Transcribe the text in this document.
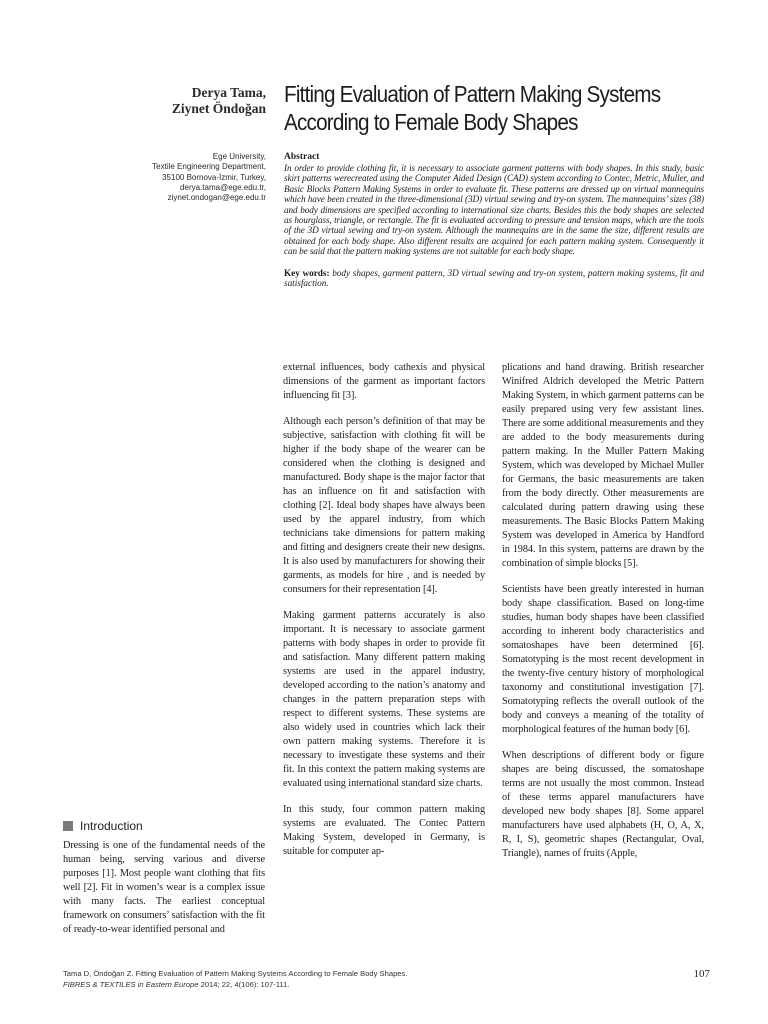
Derya Tama,
Ziynet Öndoğan
Fitting Evaluation of Pattern Making Systems
According to Female Body Shapes
Ege University,
Textile Engineering Department,
35100 Bornova-İzmir, Turkey,
derya.tama@ege.edu.tr,
ziynet.ondogan@ege.edu.tr
Abstract
In order to provide clothing fit, it is necessary to associate garment patterns with body shapes. In this study, basic skirt patterns werecreated using the Computer Aided Design (CAD) system according to Contec, Metric, Muller, and Basic Blocks Pattern Making Systems in order to evaluate fit. These patterns are dressed up on virtual mannequins which have been created in the three-dimensional (3D) virtual sewing and try-on system. The mannequins’ sizes (38) and body dimensions are specified according to international size charts. Besides this the body shapes are selected as hourglass, triangle, or rectangle. The fit is evaluated according to pressure and tension maps, which are the tools of the 3D virtual sewing and try-on system. Although the mannequins are in the same the size, different results are obtained for each body shape. Also different results are acquired for each pattern making system. Consequently it can be said that the pattern making systems are not suitable for each body shape.
Key words: body shapes, garment pattern, 3D virtual sewing and try-on system, pattern making systems, fit and satisfaction.

external influences, body cathexis and physical dimensions of the garment as important factors influencing fit [3].

Although each person’s definition of that may be subjective, satisfaction with clothing fit will be higher if the body shape of the wearer can be considered when the clothing is designed and manufactured. Body shape is the major factor that has an influence on fit and satisfaction with clothing [2]. Ideal body shapes have always been used by the apparel industry, from which technicians take dimensions for pattern making and fitting and designers create their new designs. It is also used by manufacturers for showing their garments, as models for hire , and is needed by consumers for their representation [4].

Making garment patterns accurately is also important. It is necessary to associate garment patterns with body shapes in order to provide fit and satisfaction. Many different pattern making systems are used in the apparel industry, developed according to the nation’s anatomy and changes in the pattern preparation steps with respect to different systems. These systems are also widely used in countries which lack their own pattern making systems. Therefore it is necessary to investigate these systems and their fit. In this context the pattern making systems are evaluated using international standard size charts.

In this study, four common pattern making systems are evaluated. The Contec Pattern Making System, developed in Germany, is suitable for computer ap-

plications and hand drawing. British researcher Winifred Aldrich developed the Metric Pattern Making System, in which garment patterns can be easily prepared using very few assistant lines. There are some additional measurements and they are added to the body measurements during pattern making. In the Muller Pattern Making System, which was developed by Michael Muller for Germans, the basic measurements are taken from the body directly. Other measurements are calculated during pattern drawing using these measurements. The Basic Blocks Pattern Making System was developed in America by Handford in 1984. In this system, patterns are drawn by the combination of simple blocks [5].

Scientists have been greatly interested in human body shape classification. Based on long-time studies, human body shapes have been classified according to inherent body characteristics and somatoshapes have been determined [6]. Somatotyping is the most recent development in the twenty-five century history of morphological taxonomy and constitutional investigation [7]. Somatotyping reflects the overall outlook of the body and conveys a meaning of the totality of morphological features of the human body [6].

When descriptions of different body or figure shapes are being discussed, the somatoshape terms are not usually the most common. Instead of these terms apparel manufacturers have developed new body shapes [8]. Some apparel manufacturers have used alphabets (H, O, A, X, R, I, S), geometric shapes (Rectangular, Oval, Triangle), names of fruits (Apple,

Introduction

Dressing is one of the fundamental needs of the human being, serving various and diverse purposes [1]. Most people want clothing that fits well [2]. Fit in women’s wear is a complex issue with many facts. The earliest conceptual framework on consumers’ satisfaction with the fit of ready-to-wear identified personal and

Tama D, Öndoğan Z. Fitting Evaluation of Pattern Making Systems According to Female Body Shapes.
FIBRES & TEXTILES in Eastern Europe 2014; 22, 4(106): 107-111.
107
